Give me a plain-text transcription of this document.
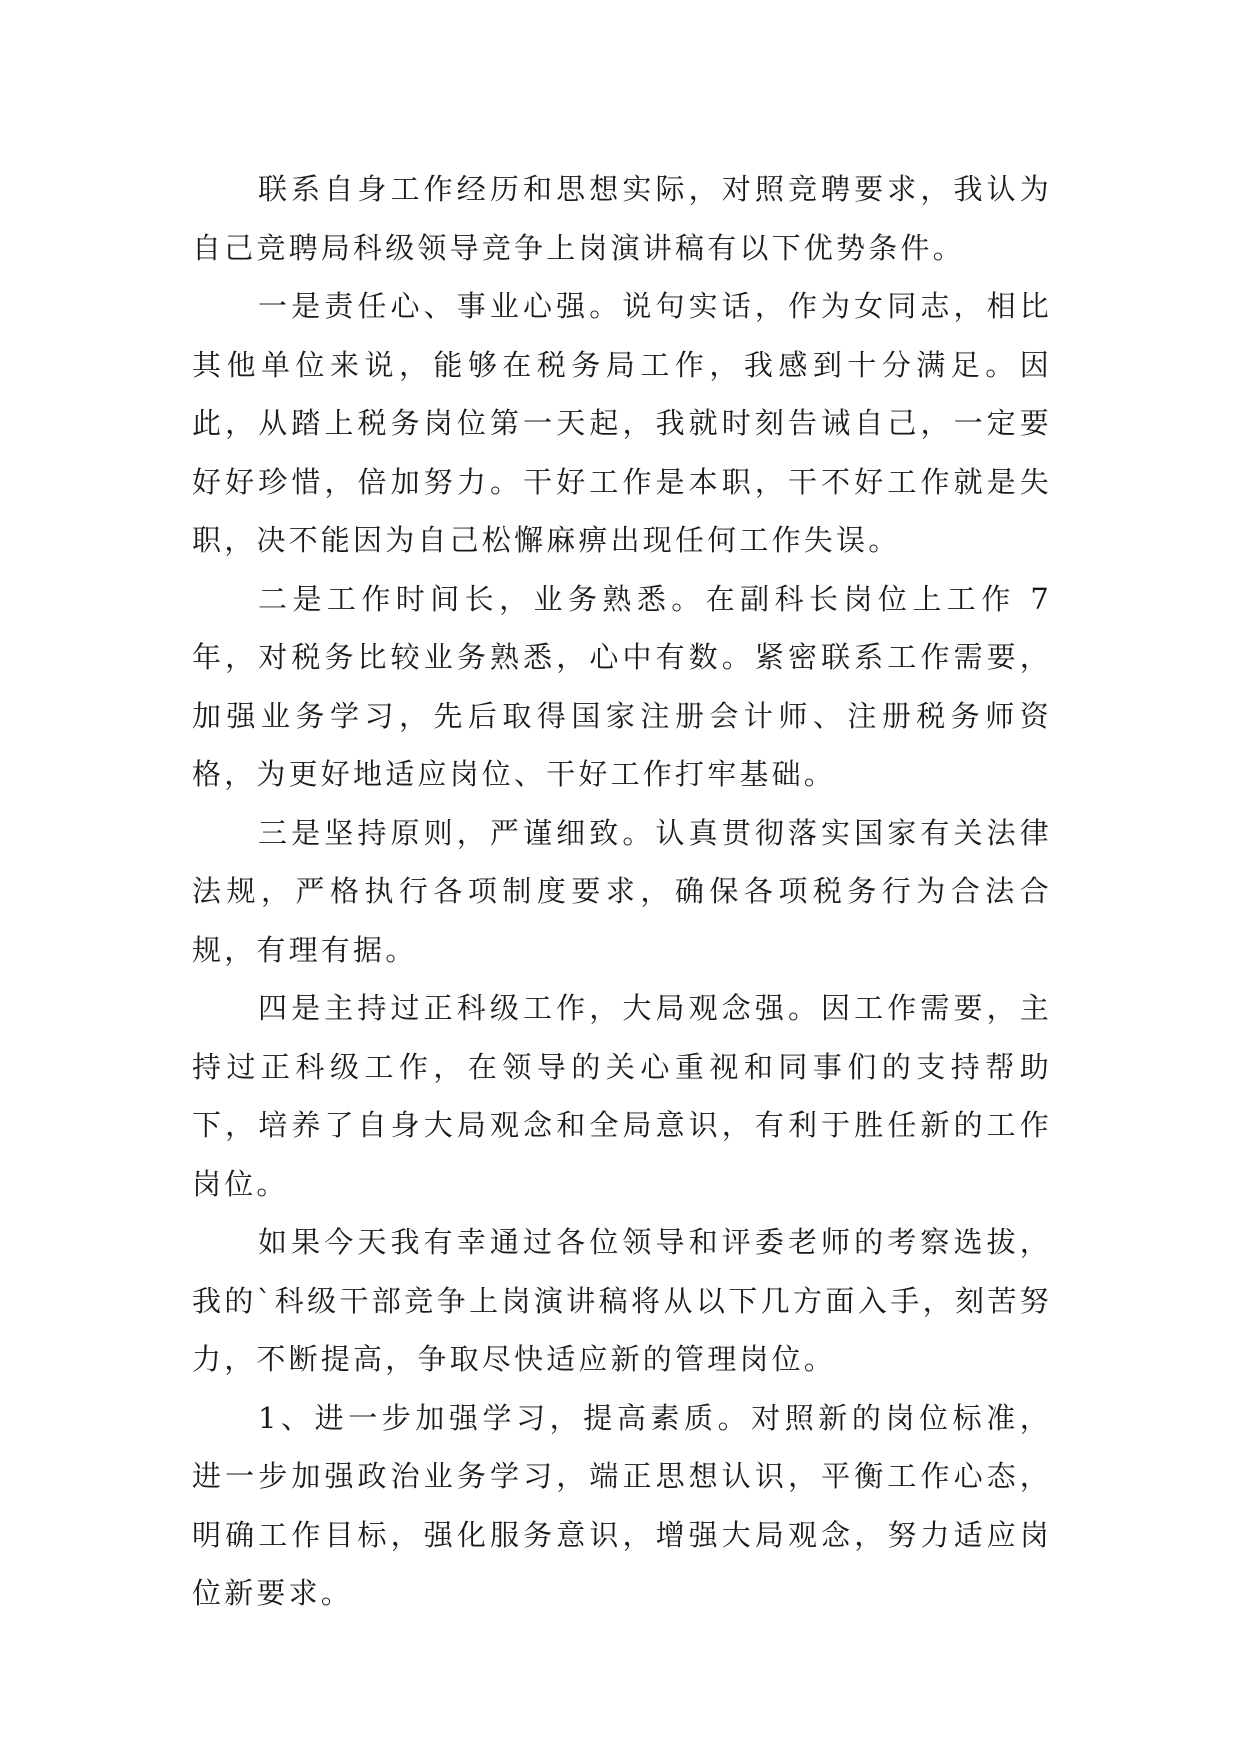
联系自身工作经历和思想实际，对照竞聘要求，我认为自己竞聘局科级领导竞争上岗演讲稿有以下优势条件。

一是责任心、事业心强。说句实话，作为女同志，相比其他单位来说，能够在税务局工作，我感到十分满足。因此，从踏上税务岗位第一天起，我就时刻告诫自己，一定要好好珍惜，倍加努力。干好工作是本职，干不好工作就是失职，决不能因为自己松懈麻痹出现任何工作失误。

二是工作时间长，业务熟悉。在副科长岗位上工作 7 年，对税务比较业务熟悉，心中有数。紧密联系工作需要，加强业务学习，先后取得国家注册会计师、注册税务师资格，为更好地适应岗位、干好工作打牢基础。

三是坚持原则，严谨细致。认真贯彻落实国家有关法律法规，严格执行各项制度要求，确保各项税务行为合法合规，有理有据。

四是主持过正科级工作，大局观念强。因工作需要，主持过正科级工作，在领导的关心重视和同事们的支持帮助下，培养了自身大局观念和全局意识，有利于胜任新的工作岗位。

如果今天我有幸通过各位领导和评委老师的考察选拔，我的`科级干部竞争上岗演讲稿将从以下几方面入手，刻苦努力，不断提高，争取尽快适应新的管理岗位。

1、进一步加强学习，提高素质。对照新的岗位标准，进一步加强政治业务学习，端正思想认识，平衡工作心态，明确工作目标，强化服务意识，增强大局观念，努力适应岗位新要求。
